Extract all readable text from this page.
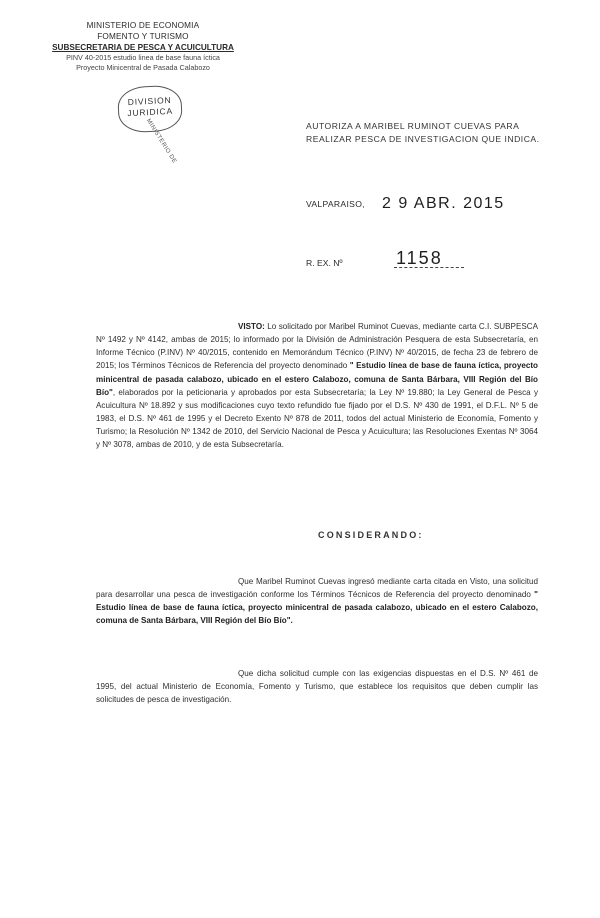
MINISTERIO DE ECONOMIA
FOMENTO Y TURISMO
SUBSECRETARIA DE PESCA Y ACUICULTURA
PINV 40-2015 estudio linea de base fauna íctica
Proyecto Minicentral de Pasada Calabozo
DIVISION
JURIDICA
MINISTERIO DE	AUTORIZA A MARIBEL RUMINOT CUEVAS PARA
REALIZAR PESCA DE INVESTIGACION QUE INDICA.
VALPARAISO, 2 9 ABR. 2015
R. EX. Nº	1158
VISTO: Lo solicitado por Maribel Ruminot Cuevas, mediante carta C.I. SUBPESCA Nº 1492 y Nº 4142, ambas de 2015; lo informado por la División de Administración Pesquera de esta Subsecretaría, en Informe Técnico (P.INV) Nº 40/2015, contenido en Memorándum Técnico (P.INV) Nº 40/2015, de fecha 23 de febrero de 2015; los Términos Técnicos de Referencia del proyecto denominado " Estudio línea de base de fauna íctica, proyecto minicentral de pasada calabozo, ubicado en el estero Calabozo, comuna de Santa Bárbara, VIII Región del Bío Bío", elaborados por la peticionaria y aprobados por esta Subsecretaría; la Ley Nº 19.880; la Ley General de Pesca y Acuicultura Nº 18.892 y sus modificaciones cuyo texto refundido fue fijado por el D.S. Nº 430 de 1991, el D.F.L. Nº 5 de 1983, el D.S. Nº 461 de 1995 y el Decreto Exento Nº 878 de 2011, todos del actual Ministerio de Economía, Fomento y Turismo; la Resolución Nº 1342 de 2010, del Servicio Nacional de Pesca y Acuicultura; las Resoluciones Exentas Nº 3064 y Nº 3078, ambas de 2010, y de esta Subsecretaría.
CONSIDERANDO:
Que Maribel Ruminot Cuevas ingresó mediante carta citada en Visto, una solicitud para desarrollar una pesca de investigación conforme los Términos Técnicos de Referencia del proyecto denominado " Estudio línea de base de fauna íctica, proyecto minicentral de pasada calabozo, ubicado en el estero Calabozo, comuna de Santa Bárbara, VIII Región del Bío Bío".
Que dicha solicitud cumple con las exigencias dispuestas en el D.S. Nº 461 de 1995, del actual Ministerio de Economía, Fomento y Turismo, que establece los requisitos que deben cumplir las solicitudes de pesca de investigación.
